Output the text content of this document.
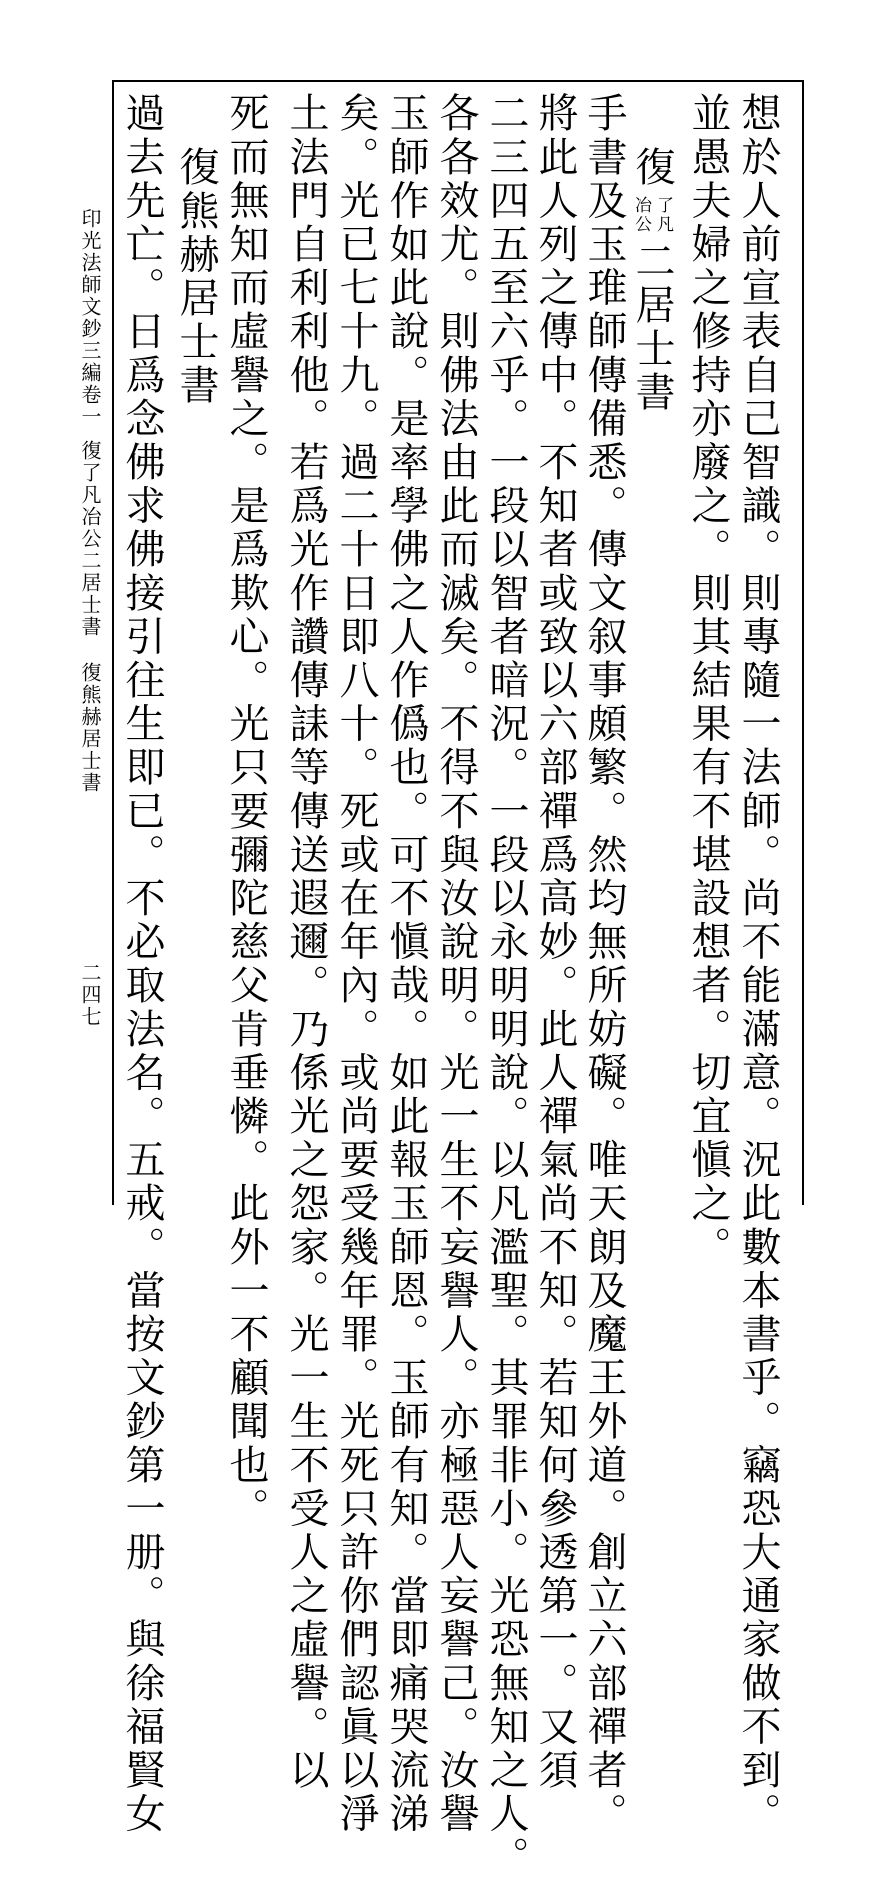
想於人前宣表自己智識。則專隨一法師。尚不能滿意。況此數本書乎。竊恐大通家做不到。
並愚夫婦之修持亦廢之。則其結果有不堪設想者。切宜愼之。
復
了凡
冶公
二居士書
手書及玉琟師傳備悉。傳文叙事頗繁。然均無所妨礙。唯天朗及魔王外道。創立六部禪者。
將此人列之傳中。不知者或致以六部禪爲高妙。此人禪氣尚不知。若知何參透第一。又須
二三四五至六乎。一段以智者暗況。一段以永明明說。以凡濫聖。其罪非小。光恐無知之人。
各各效尤。則佛法由此而滅矣。不得不與汝說明。光一生不妄譽人。亦極惡人妄譽己。汝譽
玉師作如此說。是率學佛之人作僞也。可不愼哉。如此報玉師恩。玉師有知。當即痛哭流涕
矣。光已七十九。過二十日即八十。死或在年內。或尚要受幾年罪。光死只許你們認眞以淨
土法門自利利他。若爲光作讚傳誄等傳送遐邇。乃係光之怨家。光一生不受人之虛譽。以
死而無知而虛譽之。是爲欺心。光只要彌陀慈父肯垂憐。此外一不顧聞也。
復熊赫居士書
過去先亡。日爲念佛求佛接引往生即已。不必取法名。五戒。當按文鈔第一册。與徐福賢女
印光法師文鈔三編卷一
復了凡冶公二居士書
復熊赫居士書
二四七
